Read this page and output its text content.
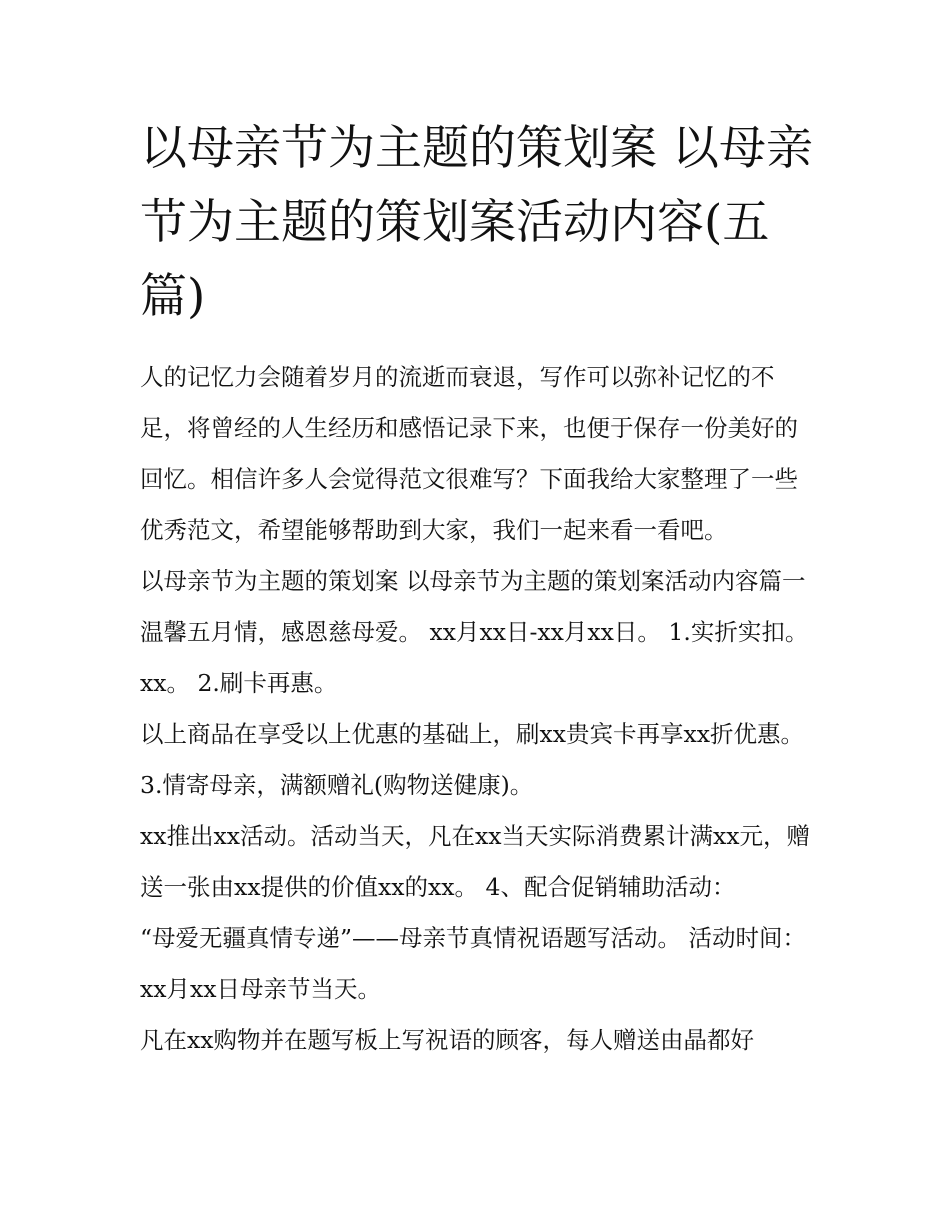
以母亲节为主题的策划案 以母亲节为主题的策划案活动内容(五篇)

人的记忆力会随着岁月的流逝而衰退，写作可以弥补记忆的不足，将曾经的人生经历和感悟记录下来，也便于保存一份美好的回忆。相信许多人会觉得范文很难写？下面我给大家整理了一些优秀范文，希望能够帮助到大家，我们一起来看一看吧。

以母亲节为主题的策划案 以母亲节为主题的策划案活动内容篇一 温馨五月情，感恩慈母爱。 xx月xx日-xx月xx日。 1.实折实扣。 xx。 2.刷卡再惠。

以上商品在享受以上优惠的基础上，刷xx贵宾卡再享xx折优惠。 3.情寄母亲，满额赠礼(购物送健康)。

xx推出xx活动。活动当天，凡在xx当天实际消费累计满xx元，赠送一张由xx提供的价值xx的xx。 4、配合促销辅助活动：

“母爱无疆真情专递”——母亲节真情祝语题写活动。 活动时间：xx月xx日母亲节当天。

凡在xx购物并在题写板上写祝语的顾客，每人赠送由晶都好
